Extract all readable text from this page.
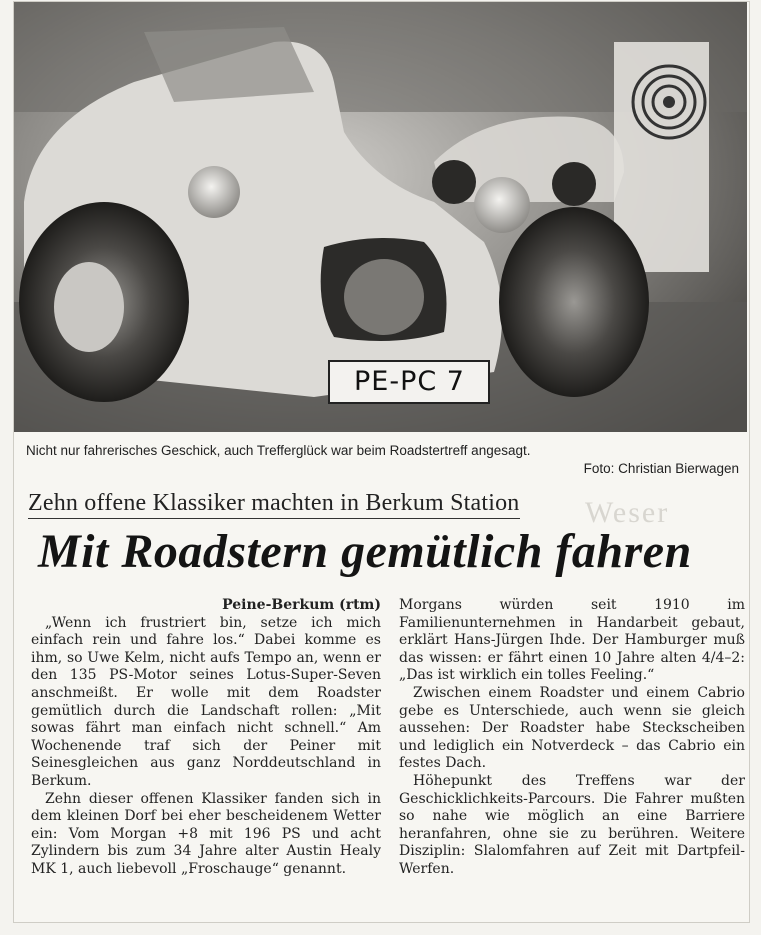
PE-PC 7
Nicht nur fahrerisches Geschick, auch Trefferglück war beim Roadstertreff angesagt.
Foto: Christian Bierwagen
Weser
Zehn offene Klassiker machten in Berkum Station
Mit Roadstern gemütlich fahren
Peine-Berkum (rtm)

„Wenn ich frustriert bin, setze ich mich einfach rein und fahre los.“ Dabei komme es ihm, so Uwe Kelm, nicht aufs Tempo an, wenn er den 135 PS-Motor seines Lotus-Super-Seven anschmeißt. Er wolle mit dem Roadster gemütlich durch die Landschaft rollen: „Mit sowas fährt man einfach nicht schnell.“ Am Wochenende traf sich der Peiner mit Seinesgleichen aus ganz Norddeutschland in Berkum.

Zehn dieser offenen Klassiker fanden sich in dem kleinen Dorf bei eher bescheidenem Wetter ein: Vom Morgan +8 mit 196 PS und acht Zylindern bis zum 34 Jahre alter Austin Healy MK 1, auch liebevoll „Froschauge“ genannt.

Morgans würden seit 1910 im Familienunternehmen in Handarbeit gebaut, erklärt Hans-Jürgen Ihde. Der Hamburger muß das wissen: er fährt einen 10 Jahre alten 4/4–2: „Das ist wirklich ein tolles Feeling.“

Zwischen einem Roadster und einem Cabrio gebe es Unterschiede, auch wenn sie gleich aussehen: Der Roadster habe Steckscheiben und lediglich ein Notverdeck – das Cabrio ein festes Dach.

Höhepunkt des Treffens war der Geschicklichkeits-Parcours. Die Fahrer mußten so nahe wie möglich an eine Barriere heranfahren, ohne sie zu berühren. Weitere Disziplin: Slalomfahren auf Zeit mit Dartpfeil-Werfen.
